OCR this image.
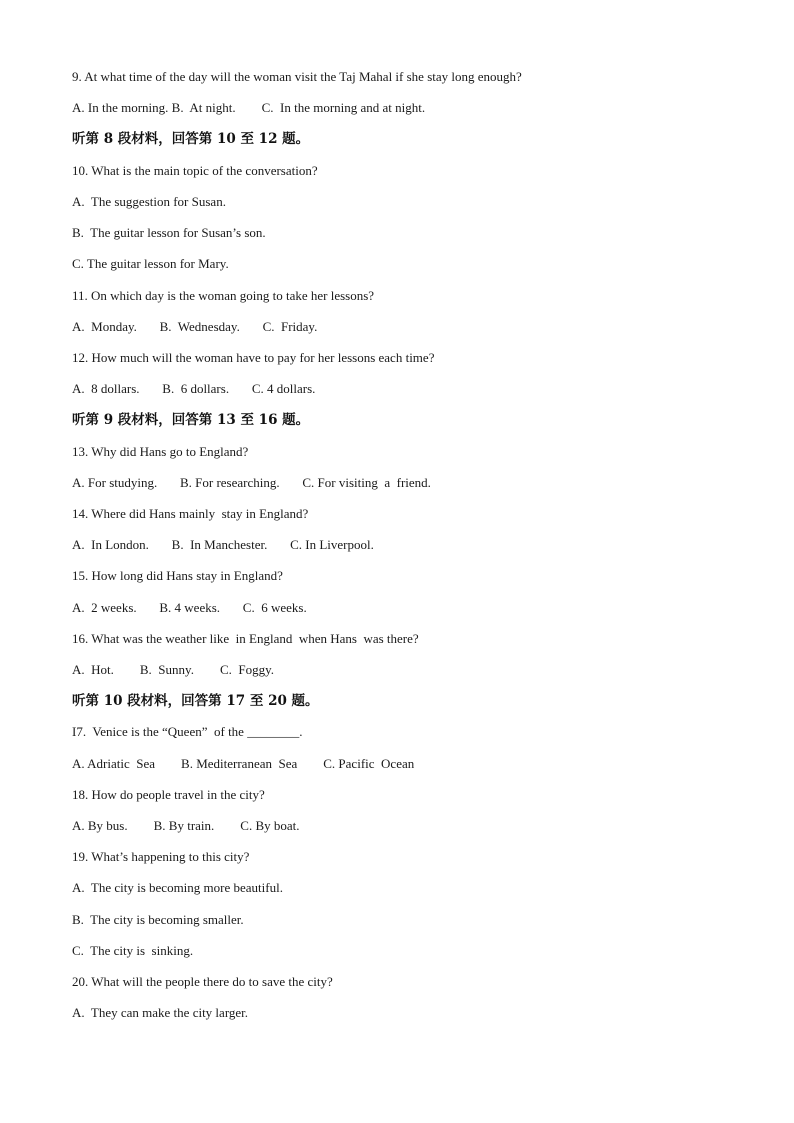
9. At what time of the day will the woman visit the Taj Mahal if she stay long enough?
A. In the morning. B.  At night.        C.  In the morning and at night.
听第 8 段材料，回答第 10 至 12 题。
10. What is the main topic of the conversation?
A.  The suggestion for Susan.
B.  The guitar lesson for Susan’s son.
C. The guitar lesson for Mary.
11. On which day is the woman going to take her lessons?
A.  Monday.       B.  Wednesday.       C.  Friday.
12. How much will the woman have to pay for her lessons each time?
A.  8 dollars.       B.  6 dollars.       C. 4 dollars.
听第 9 段材料，回答第 13 至 16 题。
13. Why did Hans go to England?
A. For studying.       B. For researching.       C. For visiting  a  friend.
14. Where did Hans mainly  stay in England?
A.  In London.       B.  In Manchester.       C. In Liverpool.
15. How long did Hans stay in England?
A.  2 weeks.       B. 4 weeks.       C.  6 weeks.
16. What was the weather like  in England  when Hans  was there?
A.  Hot.        B.  Sunny.        C.  Foggy.
听第 10 段材料，回答第 17 至 20 题。
I7.  Venice is the “Queen”  of the ________.
A. Adriatic  Sea        B. Mediterranean  Sea        C. Pacific  Ocean
18. How do people travel in the city?
A. By bus.        B. By train.        C. By boat.
19. What’s happening to this city?
A.  The city is becoming more beautiful.
B.  The city is becoming smaller.
C.  The city is  sinking.
20. What will the people there do to save the city?
A.  They can make the city larger.
